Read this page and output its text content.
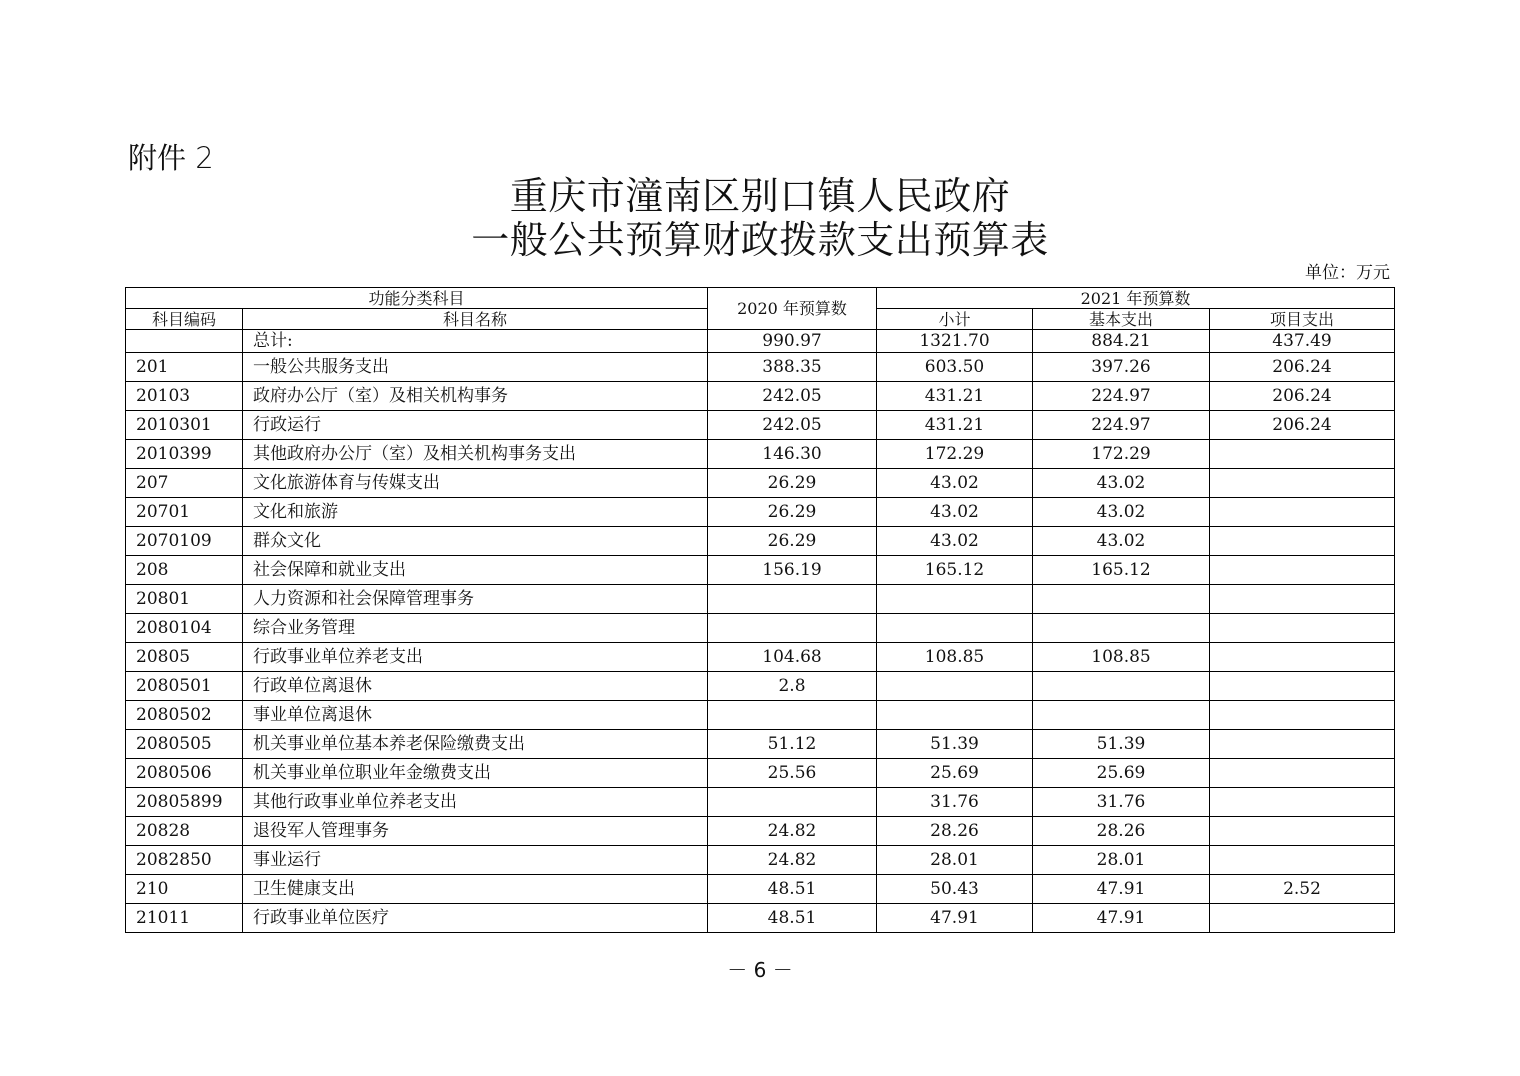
附件 2
重庆市潼南区别口镇人民政府
一般公共预算财政拨款支出预算表
单位：万元
功能分类科目		2020 年预算数	2021 年预算数		
科目编码	科目名称		小计	基本支出	项目支出
	总计:	990.97	1321.70	884.21	437.49
201	一般公共服务支出	388.35	603.50	397.26	206.24
20103	政府办公厅（室）及相关机构事务	242.05	431.21	224.97	206.24
2010301	行政运行	242.05	431.21	224.97	206.24
2010399	其他政府办公厅（室）及相关机构事务支出	146.30	172.29	172.29	
207	文化旅游体育与传媒支出	26.29	43.02	43.02	
20701	文化和旅游	26.29	43.02	43.02	
2070109	群众文化	26.29	43.02	43.02	
208	社会保障和就业支出	156.19	165.12	165.12	
20801	人力资源和社会保障管理事务				
2080104	综合业务管理				
20805	行政事业单位养老支出	104.68	108.85	108.85	
2080501	行政单位离退休	2.8			
2080502	事业单位离退休				
2080505	机关事业单位基本养老保险缴费支出	51.12	51.39	51.39	
2080506	机关事业单位职业年金缴费支出	25.56	25.69	25.69	
20805899	其他行政事业单位养老支出		31.76	31.76	
20828	退役军人管理事务	24.82	28.26	28.26	
2082850	事业运行	24.82	28.01	28.01	
210	卫生健康支出	48.51	50.43	47.91	2.52
21011	行政事业单位医疗	48.51	47.91	47.91	
－ 6 －
